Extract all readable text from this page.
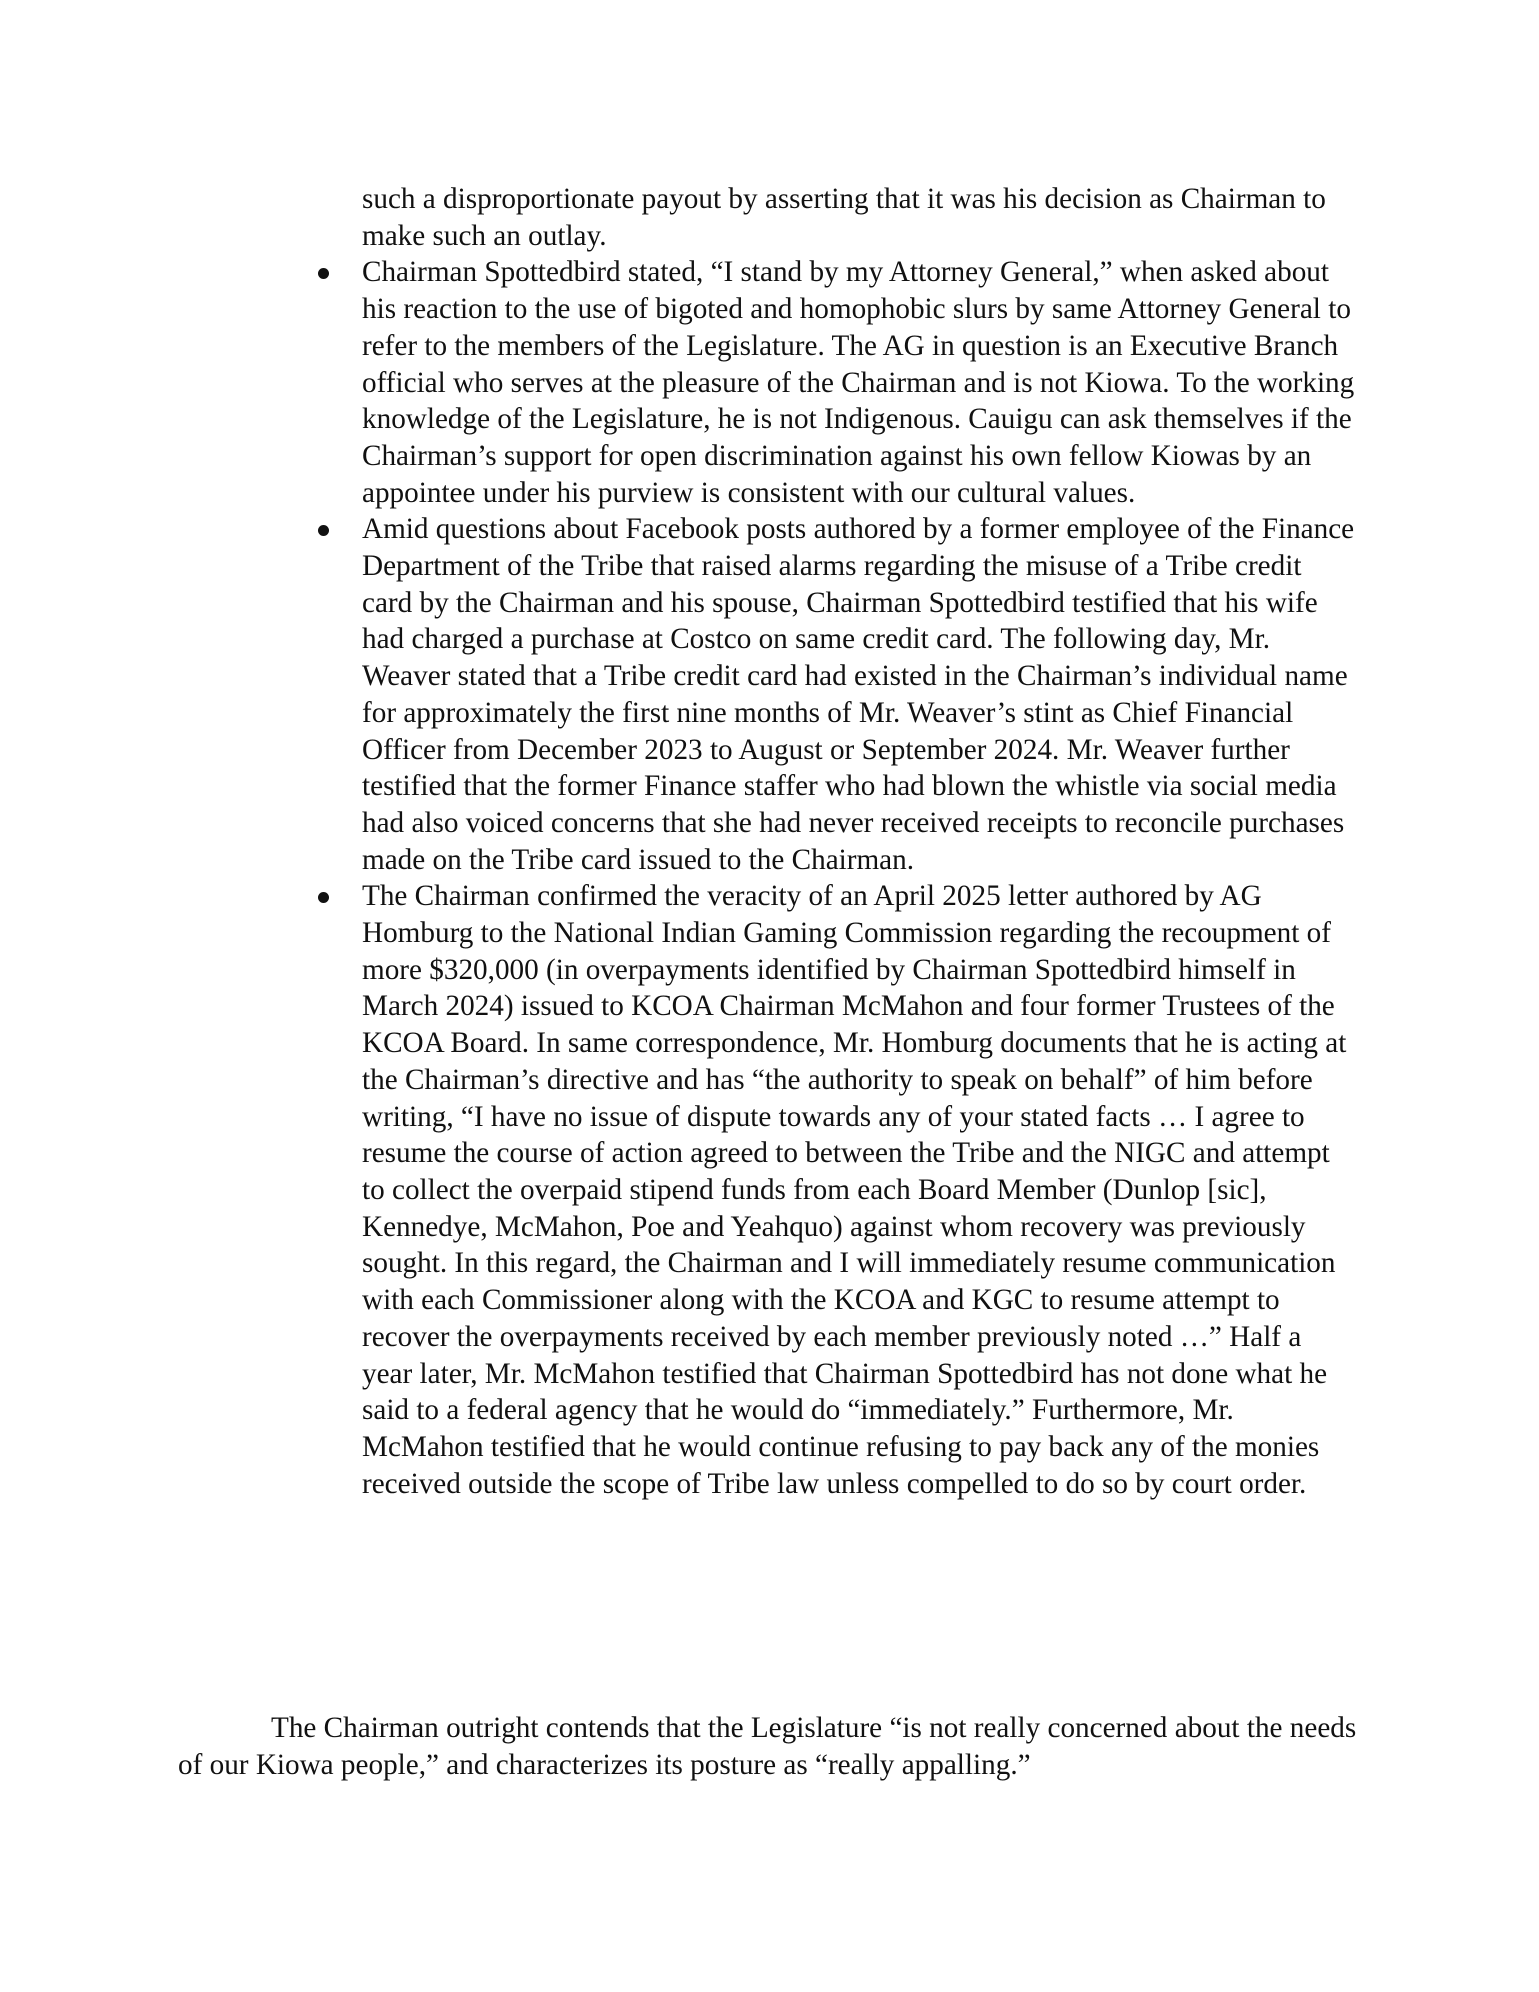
such a disproportionate payout by asserting that it was his decision as Chairman to make such an outlay.
Chairman Spottedbird stated, “I stand by my Attorney General,” when asked about his reaction to the use of bigoted and homophobic slurs by same Attorney General to refer to the members of the Legislature. The AG in question is an Executive Branch official who serves at the pleasure of the Chairman and is not Kiowa. To the working knowledge of the Legislature, he is not Indigenous. Cauigu can ask themselves if the Chairman’s support for open discrimination against his own fellow Kiowas by an appointee under his purview is consistent with our cultural values.
Amid questions about Facebook posts authored by a former employee of the Finance Department of the Tribe that raised alarms regarding the misuse of a Tribe credit card by the Chairman and his spouse, Chairman Spottedbird testified that his wife had charged a purchase at Costco on same credit card. The following day, Mr. Weaver stated that a Tribe credit card had existed in the Chairman’s individual name for approximately the first nine months of Mr. Weaver’s stint as Chief Financial Officer from December 2023 to August or September 2024. Mr. Weaver further testified that the former Finance staffer who had blown the whistle via social media had also voiced concerns that she had never received receipts to reconcile purchases made on the Tribe card issued to the Chairman.
The Chairman confirmed the veracity of an April 2025 letter authored by AG Homburg to the National Indian Gaming Commission regarding the recoupment of more $320,000 (in overpayments identified by Chairman Spottedbird himself in March 2024) issued to KCOA Chairman McMahon and four former Trustees of the KCOA Board. In same correspondence, Mr. Homburg documents that he is acting at the Chairman’s directive and has “the authority to speak on behalf” of him before writing, “I have no issue of dispute towards any of your stated facts … I agree to resume the course of action agreed to between the Tribe and the NIGC and attempt to collect the overpaid stipend funds from each Board Member (Dunlop [sic], Kennedye, McMahon, Poe and Yeahquo) against whom recovery was previously sought. In this regard, the Chairman and I will immediately resume communication with each Commissioner along with the KCOA and KGC to resume attempt to recover the overpayments received by each member previously noted …” Half a year later, Mr. McMahon testified that Chairman Spottedbird has not done what he said to a federal agency that he would do “immediately.” Furthermore, Mr. McMahon testified that he would continue refusing to pay back any of the monies received outside the scope of Tribe law unless compelled to do so by court order.

The Chairman outright contends that the Legislature “is not really concerned about the needs of our Kiowa people,” and characterizes its posture as “really appalling.”
